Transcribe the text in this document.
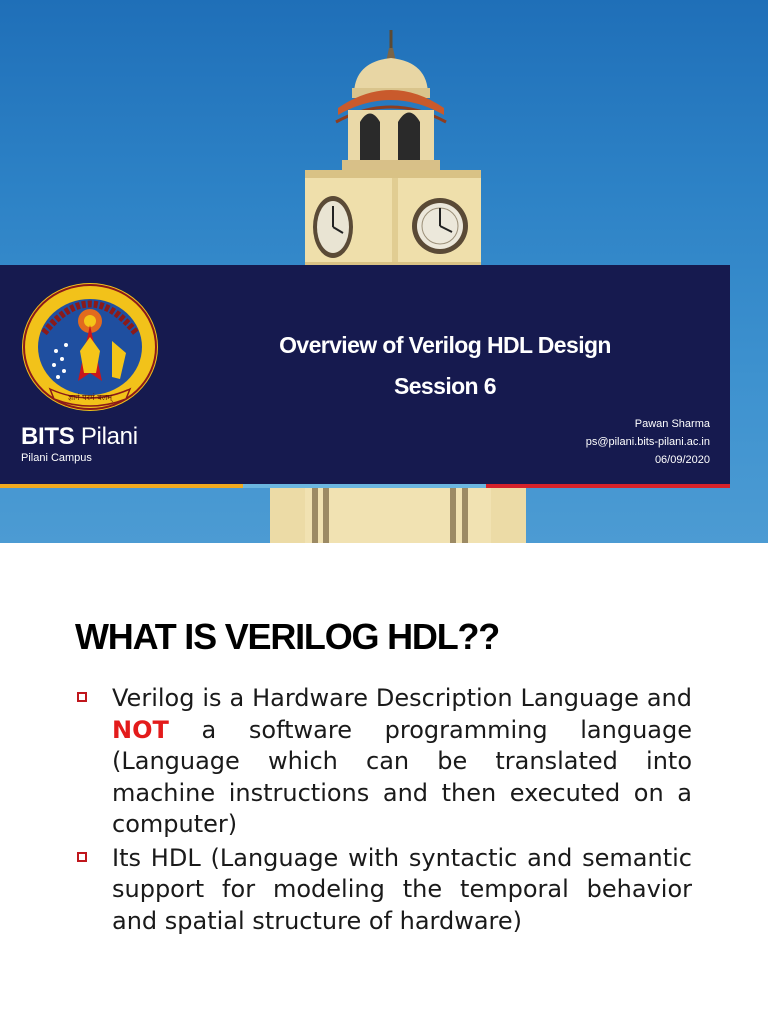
ज्ञानं परमं बलम्
BITS Pilani
Pilani Campus
Overview of Verilog HDL Design
Session 6
Pawan Sharma
ps@pilani.bits-pilani.ac.in
06/09/2020
WHAT IS VERILOG HDL??
Verilog is a Hardware Description Language and NOT a software programming language (Language which can be translated into machine instructions and then executed on a computer)
Its HDL (Language with syntactic and semantic support for modeling the temporal behavior and spatial structure of hardware)
